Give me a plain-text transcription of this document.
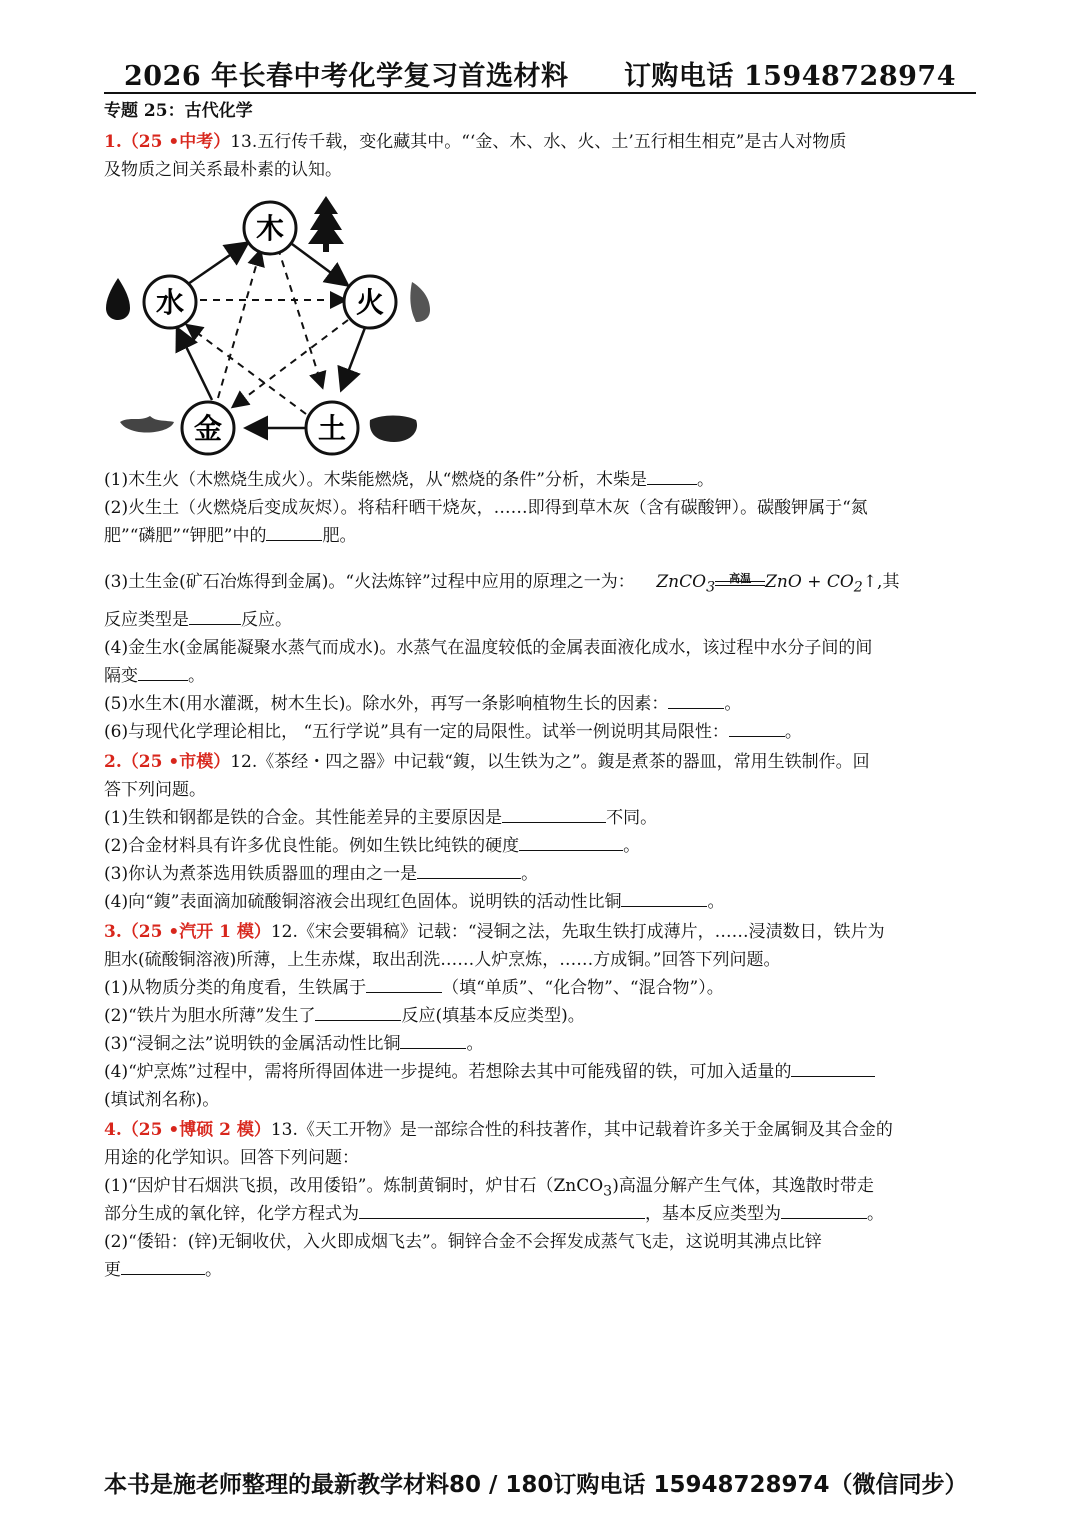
2026 年长春中考化学复习首选材料 订购电话 15948728974
专题 25：古代化学
1.（25 •中考）13.五行传千载，变化藏其中。“‘金、木、水、火、土’五行相生相克”是古人对物质
及物质之间关系最朴素的认知。
木
火
土
金
水
(1)木生火（木燃烧生成火）。木柴能燃烧，从“燃烧的条件”分析，木柴是	。
(2)火生土（火燃烧后变成灰烬）。将秸秆晒干烧灰，……即得到草木灰（含有碳酸钾）。碳酸钾属于“氮
肥”“磷肥”“钾肥”中的	肥。
(3)土生金(矿石冶炼得到金属)。“火法炼锌”过程中应用的原理之一为： ZnCO$_3$
高温 ZnO + $CO_2↑$,其
反应类型是	反应。
(4)金生水(金属能凝聚水蒸气而成水)。水蒸气在温度较低的金属表面液化成水，该过程中水分子间的间
隔变	。
(5)水生木(用水灌溉，树木生长)。除水外，再写一条影响植物生长的因素：	。
(6)与现代化学理论相比， “五行学说”具有一定的局限性。试举一例说明其局限性：	。
2.（25 •市模）12.《茶经・四之器》中记载“鍑，以生铁为之”。鍑是煮茶的器皿，常用生铁制作。回
答下列问题。
(1)生铁和钢都是铁的合金。其性能差异的主要原因是	不同。
(2)合金材料具有许多优良性能。例如生铁比纯铁的硬度	。
(3)你认为煮茶选用铁质器皿的理由之一是	。
(4)向“鍑”表面滴加硫酸铜溶液会出现红色固体。说明铁的活动性比铜	。
3.（25 •汽开 1 模）12.《宋会要辑稿》记载：“浸铜之法，先取生铁打成薄片，……浸渍数日，铁片为
胆水(硫酸铜溶液)所薄，上生赤煤，取出刮洗……人炉烹炼，……方成铜。”回答下列问题。
(1)从物质分类的角度看，生铁属于	（填“单质”、“化合物”、“混合物”）。
(2)“铁片为胆水所薄”发生了	反应(填基本反应类型)。
(3)“浸铜之法”说明铁的金属活动性比铜	。
(4)“炉烹炼”过程中，需将所得固体进一步提纯。若想除去其中可能残留的铁，可加入适量的
(填试剂名称)。
4.（25 •博硕 2 模）13.《天工开物》是一部综合性的科技著作，其中记载着许多关于金属铜及其合金的
用途的化学知识。回答下列问题：
(1)“因炉甘石烟洪飞损，改用倭铅”。炼制黄铜时，炉甘石（ZnCO$_3$)高温分解产生气体，其逸散时带走
部分生成的氧化锌，化学方程式为	，基本反应类型为	。
(2)“倭铅：(锌)无铜收伏，入火即成烟飞去”。铜锌合金不会挥发成蒸气飞走，这说明其沸点比锌
更	。
本书是施老师整理的最新教学材料80 / 180订购电话 15948728974（微信同步）
